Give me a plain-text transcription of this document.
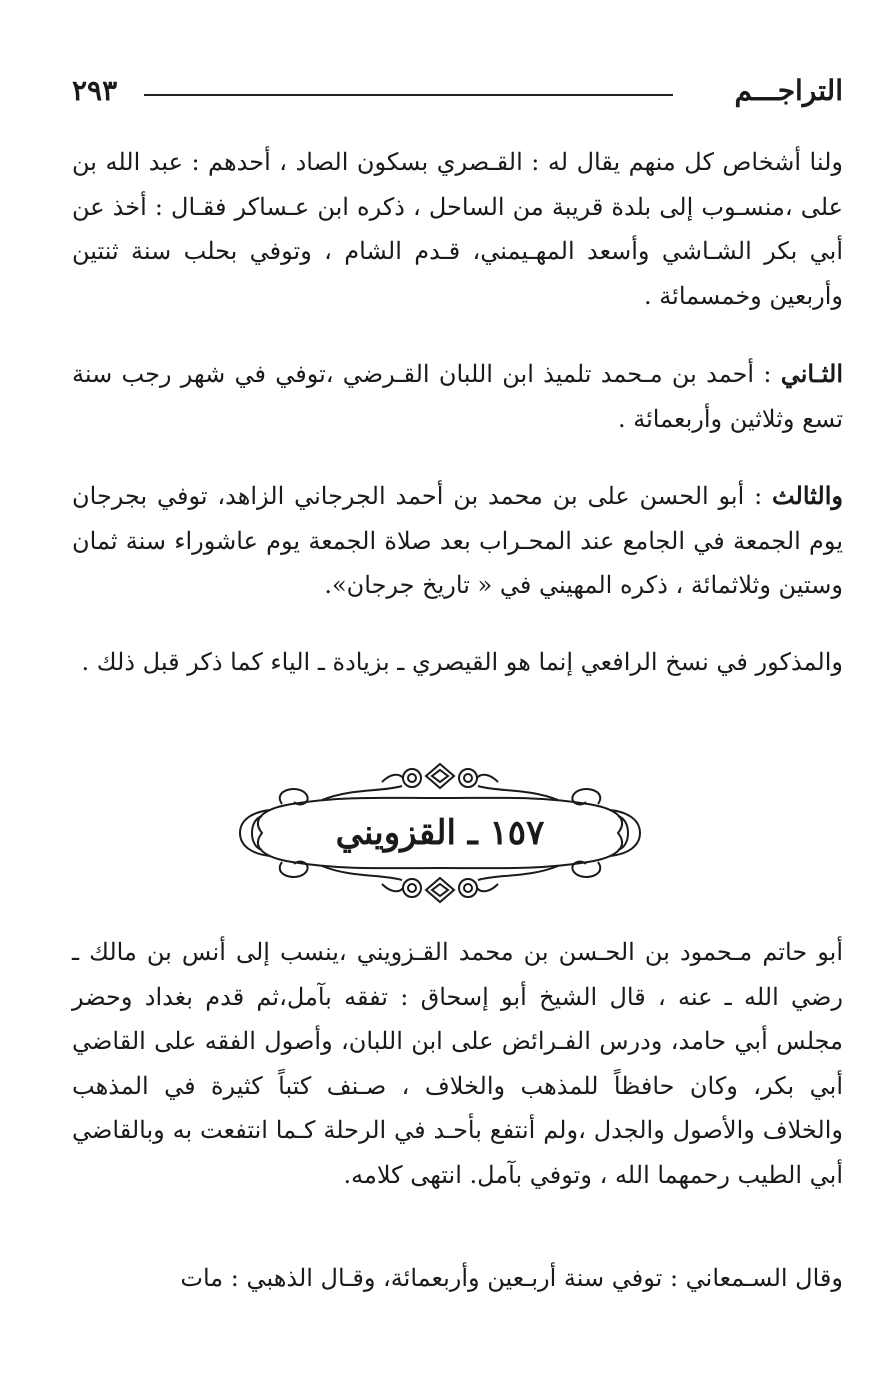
التراجـــم
٢٩٣

ولنا أشخاص كل منهم يقال له : القـصري بسكون الصاد ، أحدهم : عبد الله بن على ،منسـوب إلى بلدة قريبة من الساحل ، ذكره ابن عـساكر فقـال : أخذ عن أبي بكر الشـاشي وأسعد المهـيمني، قـدم الشام ، وتوفي بحلب سنة ثنتين وأربعين وخمسمائة .

الثـاني : أحمد بن مـحمد تلميذ ابن اللبان القـرضي ،توفي في شهر رجب سنة تسع وثلاثين وأربعمائة .

والثالث : أبو الحسن على بن محمد بن أحمد الجرجاني الزاهد، توفي بجرجان يوم الجمعة في الجامع عند المحـراب بعد صلاة الجمعة يوم عاشوراء سنة ثمان وستين وثلاثمائة ، ذكره المهيني في « تاريخ جرجان».

والمذكور في نسخ الرافعي إنما هو القيصري ـ بزيادة ـ الياء كما ذكر قبل ذلك .

١٥٧ ـ القزويني

أبو حاتم مـحمود بن الحـسن بن محمد القـزويني ،ينسب إلى أنس بن مالك ـ رضي الله ـ عنه ، قال الشيخ أبو إسحاق : تفقه بآمل،ثم قدم بغداد وحضر مجلس أبي حامد، ودرس الفـرائض على ابن اللبان، وأصول الفقه على القاضي أبي بكر، وكان حافظاً للمذهب والخلاف ، صـنف كتباً كثيرة في المذهب والخلاف والأصول والجدل ،ولم أنتفع بأحـد في الرحلة كـما انتفعت به وبالقاضي أبي الطيب رحمهما الله ، وتوفي بآمل. انتهى كلامه.

وقال السـمعاني : توفي سنة أربـعين وأربعمائة، وقـال الذهبي : مات
